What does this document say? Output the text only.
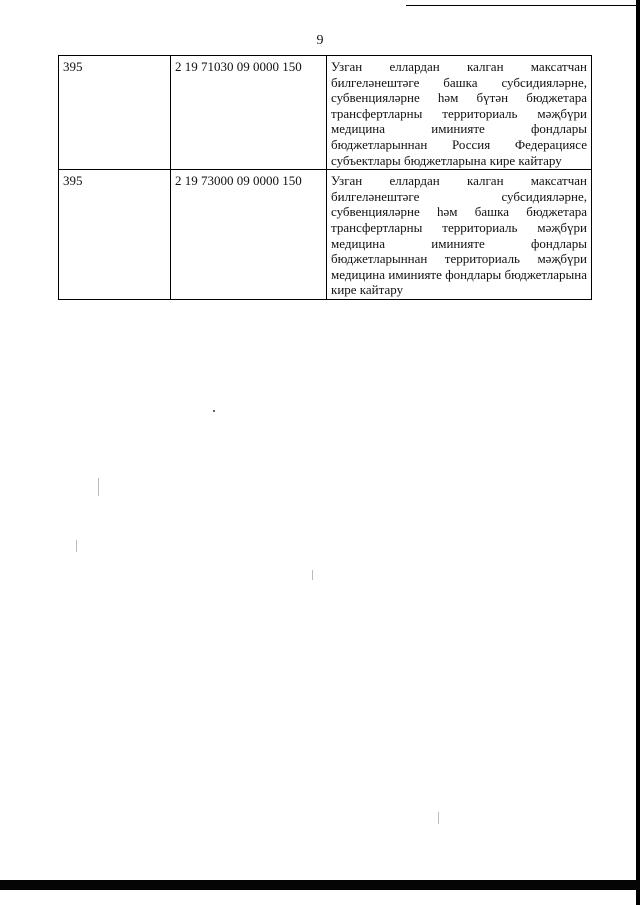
9
395	2 19 71030 09 0000 150	Узган еллардан калган максатчан билгеләнештәге башка субсидияләрне, субвенцияләрне һәм бүтән бюджетара трансфертларны территориаль мәҗбүри медицина иминияте фондлары бюджетларыннан Россия Федерациясе субъектлары бюджетларына кире кайтару
395	2 19 73000 09 0000 150	Узган еллардан калган максатчан билгеләнештәге субсидияләрне, субвенцияләрне һәм башка бюджетара трансфертларны территориаль мәҗбүри медицина иминияте фондлары бюджетларыннан территориаль мәҗбүри медицина иминияте фондлары бюджетларына кире кайтару
